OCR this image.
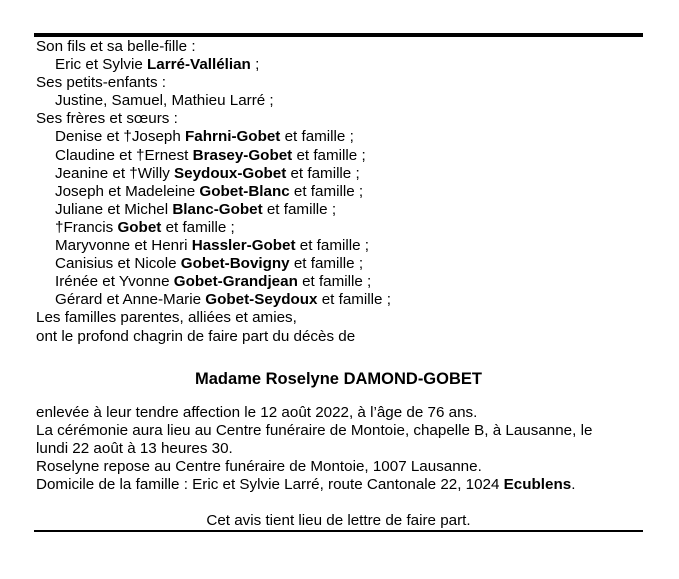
Son fils et sa belle-fille :
Eric et Sylvie Larré-Vallélian ;
Ses petits-enfants :
Justine, Samuel, Mathieu Larré ;
Ses frères et sœurs :
Denise et †Joseph Fahrni-Gobet et famille ;
Claudine et †Ernest Brasey-Gobet et famille ;
Jeanine et †Willy Seydoux-Gobet et famille ;
Joseph et Madeleine Gobet-Blanc et famille ;
Juliane et Michel Blanc-Gobet et famille ;
†Francis Gobet et famille ;
Maryvonne et Henri Hassler-Gobet et famille ;
Canisius et Nicole Gobet-Bovigny et famille ;
Irénée et Yvonne Gobet-Grandjean et famille ;
Gérard et Anne-Marie Gobet-Seydoux et famille ;
Les familles parentes, alliées et amies,
ont le profond chagrin de faire part du décès de
Madame Roselyne DAMOND-GOBET
enlevée à leur tendre affection le 12 août 2022, à l’âge de 76 ans.
La cérémonie aura lieu au Centre funéraire de Montoie, chapelle B, à Lausanne, le
lundi 22 août à 13 heures 30.
Roselyne repose au Centre funéraire de Montoie, 1007 Lausanne.
Domicile de la famille : Eric et Sylvie Larré, route Cantonale 22, 1024 Ecublens.
Cet avis tient lieu de lettre de faire part.
